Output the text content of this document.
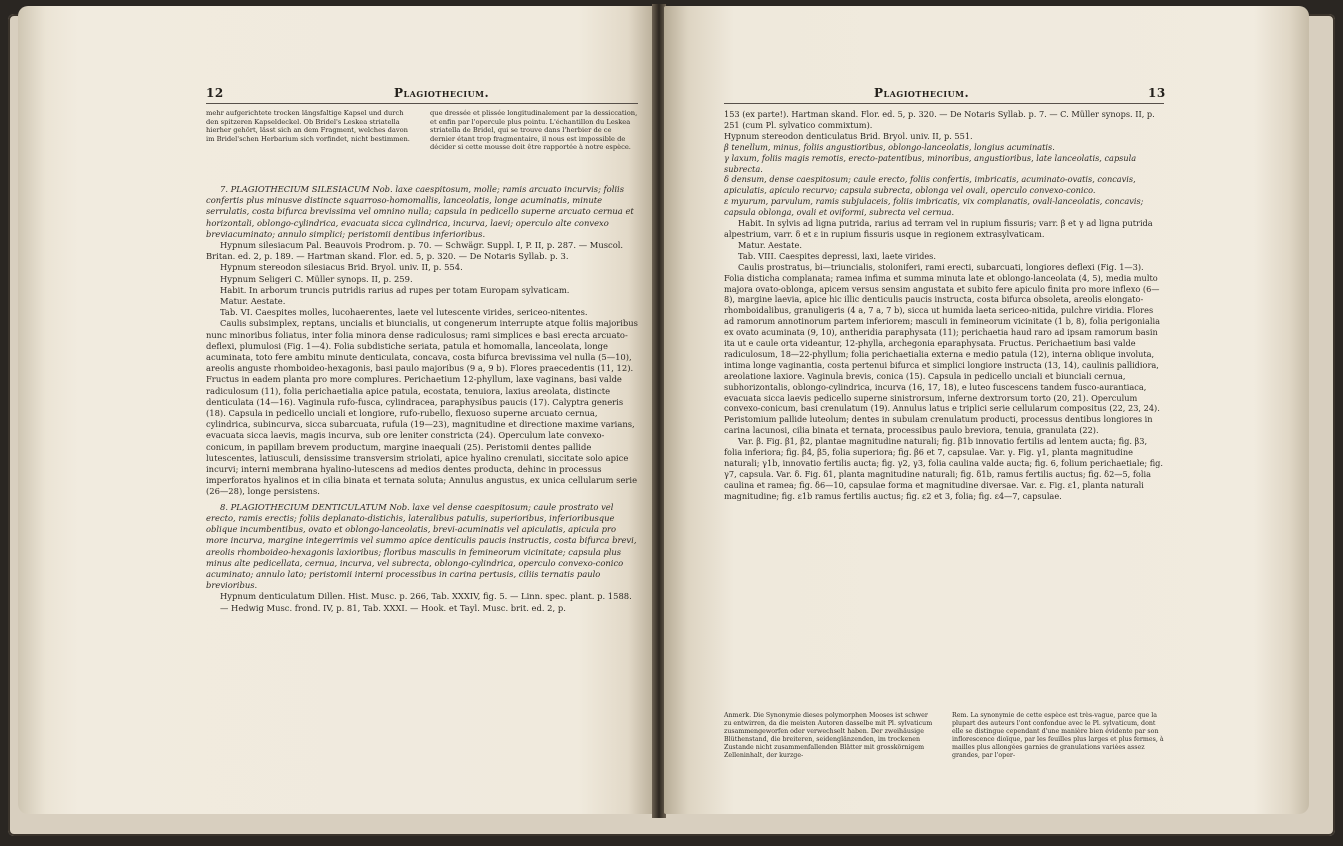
12	Plagiothecium.
mehr aufgerichtete trocken längsfaltige Kapsel und durch den spitzeren Kapseldeckel. Ob Bridel's Leskea striatella hierher gehört, lässt sich an dem Fragment, welches davon im Bridel'schen Herbarium sich vorfindet, nicht bestimmen.
que dressée et plissée longitudinalement par la dessiccation, et enfin par l'opercule plus pointu. L'échantillon du Leskea striatella de Bridel, qui se trouve dans l'herbier de ce dernier étant trop fragmentaire, il nous est impossible de décider si cette mousse doit être rapportée à notre espèce.

7. PLAGIOTHECIUM SILESIACUM Nob. laxe caespitosum, molle; ramis arcuato incurvis; foliis confertis plus minusve distincte squarroso-homomallis, lanceolatis, longe acuminatis, minute serrulatis, costa bifurca brevissima vel omnino nulla; capsula in pedicello superne arcuato cernua et horizontali, oblongo-cylindrica, evacuata sicca cylindrica, incurva, laevi; operculo alte convexo breviacuminato; annulo simplici; peristomii dentibus inferioribus.

Hypnum silesiacum Pal. Beauvois Prodrom. p. 70. — Schwägr. Suppl. I, P. II, p. 287. — Muscol. Britan. ed. 2, p. 189. — Hartman skand. Flor. ed. 5, p. 320. — De Notaris Syllab. p. 3.

Hypnum stereodon silesiacus Brid. Bryol. univ. II, p. 554.

Hypnum Seligeri C. Müller synops. II, p. 259.

Habit. In arborum truncis putridis rarius ad rupes per totam Europam sylvaticam.

Matur. Aestate.

Tab. VI. Caespites molles, lucohaerentes, laete vel lutescente virides, sericeo-nitentes.

Caulis subsimplex, reptans, uncialis et biuncialis, ut congenerum interrupte atque foliis majoribus nunc minoribus foliatus, inter folia minora dense radiculosus; rami simplices e basi erecta arcuato-deflexi, plumulosi (Fig. 1—4). Folia subdistiche seriata, patula et homomalla, lanceolata, longe acuminata, toto fere ambitu minute denticulata, concava, costa bifurca brevissima vel nulla (5—10), areolis anguste rhomboideo-hexagonis, basi paulo majoribus (9 a, 9 b). Flores praecedentis (11, 12). Fructus in eadem planta pro more complures. Perichaetium 12-phyllum, laxe vaginans, basi valde radiculosum (11), folia perichaetialia apice patula, ecostata, tenuiora, laxius areolata, distincte denticulata (14—16). Vaginula rufo-fusca, cylindracea, paraphysibus paucis (17). Calyptra generis (18). Capsula in pedicello unciali et longiore, rufo-rubello, flexuoso superne arcuato cernua, cylindrica, subincurva, sicca subarcuata, rufula (19—23), magnitudine et directione maxime varians, evacuata sicca laevis, magis incurva, sub ore leniter constricta (24). Operculum late convexo-conicum, in papillam brevem productum, margine inaequali (25). Peristomii dentes pallide lutescentes, latiusculi, densissime transversim striolati, apice hyalino crenulati, siccitate solo apice incurvi; interni membrana hyalino-lutescens ad medios dentes producta, dehinc in processus imperforatos hyalinos et in cilia binata et ternata soluta; Annulus angustus, ex unica cellularum serie (26—28), longe persistens.

8. PLAGIOTHECIUM DENTICULATUM Nob. laxe vel dense caespitosum; caule prostrato vel erecto, ramis erectis; foliis deplanato-distichis, lateralibus patulis, superioribus, inferioribusque oblique incumbentibus, ovato et oblongo-lanceolatis, brevi-acuminatis vel apiculatis, apicula pro more incurva, margine integerrimis vel summo apice denticulis paucis instructis, costa bifurca brevi, areolis rhomboideo-hexagonis laxioribus; floribus masculis in femineorum vicinitate; capsula plus minus alte pedicellata, cernua, incurva, vel subrecta, oblongo-cylindrica, operculo convexo-conico acuminato; annulo lato; peristomii interni processibus in carina pertusis, ciliis ternatis paulo brevioribus.

Hypnum denticulatum Dillen. Hist. Musc. p. 266, Tab. XXXIV, fig. 5. — Linn. spec. plant. p. 1588.

— Hedwig Musc. frond. IV, p. 81, Tab. XXXI. — Hook. et Tayl. Musc. brit. ed. 2, p.

Plagiothecium.	13

153 (ex parte!). Hartman skand. Flor. ed. 5, p. 320. — De Notaris Syllab. p. 7. — C. Müller synops. II, p. 251 (cum Pl. sylvatico commixtum).

Hypnum stereodon denticulatus Brid. Bryol. univ. II, p. 551.

β tenellum, minus, foliis angustioribus, oblongo-lanceolatis, longius acuminatis.

γ laxum, foliis magis remotis, erecto-patentibus, minoribus, angustioribus, late lanceolatis, capsula subrecta.

δ densum, dense caespitosum; caule erecto, foliis confertis, imbricatis, acuminato-ovatis, concavis, apiculatis, apiculo recurvo; capsula subrecta, oblonga vel ovali, operculo convexo-conico.

ε myurum, parvulum, ramis subjulaceis, foliis imbricatis, vix complanatis, ovali-lanceolatis, concavis; capsula oblonga, ovali et oviformi, subrecta vel cernua.

Habit. In sylvis ad ligna putrida, rarius ad terram vel in rupium fissuris; varr. β et γ ad ligna putrida alpestrium, varr. δ et ε in rupium fissuris usque in regionem extrasylvaticam.

Matur. Aestate.

Tab. VIII. Caespites depressi, laxi, laete virides.

Caulis prostratus, bi—triuncialis, stoloniferi, rami erecti, subarcuati, longiores deflexi (Fig. 1—3). Folia disticha complanata; ramea infima et summa minuta late et oblongo-lanceolata (4, 5), media multo majora ovato-oblonga, apicem versus sensim angustata et subito fere apiculo finita pro more inflexo (6—8), margine laevia, apice hic illic denticulis paucis instructa, costa bifurca obsoleta, areolis elongato-rhomboidalibus, granuligeris (4 a, 7 a, 7 b), sicca ut humida laeta sericeo-nitida, pulchre viridia. Flores ad ramorum annotinorum partem inferiorem; masculi in femineorum vicinitate (1 b, 8), folia perigonialia ex ovato acuminata (9, 10), antheridia paraphysata (11); perichaetia haud raro ad ipsam ramorum basin ita ut e caule orta videantur, 12-phylla, archegonia eparaphysata. Fructus. Perichaetium basi valde radiculosum, 18—22-phyllum; folia perichaetialia externa e medio patula (12), interna oblique involuta, intima longe vaginantia, costa pertenui bifurca et simplici longiore instructa (13, 14), caulinis pallidiora, areolatione laxiore. Vaginula brevis, conica (15). Capsula in pedicello unciali et biunciali cernua, subhorizontalis, oblongo-cylindrica, incurva (16, 17, 18), e luteo fuscescens tandem fusco-aurantiaca, evacuata sicca laevis pedicello superne sinistrorsum, inferne dextrorsum torto (20, 21). Operculum convexo-conicum, basi crenulatum (19). Annulus latus e triplici serie cellularum compositus (22, 23, 24). Peristomium pallide luteolum; dentes in subulam crenulatum producti, processus dentibus longiores in carina lacunosi, cilia binata et ternata, processibus paulo breviora, tenuia, granulata (22).

Var. β. Fig. β1, β2, plantae magnitudine naturali; fig. β1b innovatio fertilis ad lentem aucta; fig. β3, folia inferiora; fig. β4, β5, folia superiora; fig. β6 et 7, capsulae. Var. γ. Fig. γ1, planta magnitudine naturali; γ1b, innovatio fertilis aucta; fig. γ2, γ3, folia caulina valde aucta; fig. 6, folium perichaetiale; fig. γ7, capsula. Var. δ. Fig. δ1, planta magnitudine naturali; fig. δ1b, ramus fertilis auctus; fig. δ2—5, folia caulina et ramea; fig. δ6—10, capsulae forma et magnitudine diversae. Var. ε. Fig. ε1, planta naturali magnitudine; fig. ε1b ramus fertilis auctus; fig. ε2 et 3, folia; fig. ε4—7, capsulae.

Anmerk. Die Synonymie dieses polymorphen Mooses ist schwer zu entwirren, da die meisten Autoren dasselbe mit Pl. sylvaticum zusammengeworfen oder verwechselt haben. Der zweihäusige Blüthenstand, die breiteren, seidenglänzenden, im trockenen Zustande nicht zusammenfallenden Blätter mit grosskörnigem Zelleninhalt, der kurzge-
Rem. La synonymie de cette espèce est très-vague, parce que la plupart des auteurs l'ont confondue avec le Pl. sylvaticum, dont elle se distingue cependant d'une manière bien évidente par son inflorescence dioïque, par les feuilles plus larges et plus fermes, à mailles plus allongées garnies de granulations variées assez grandes, par l'oper-
